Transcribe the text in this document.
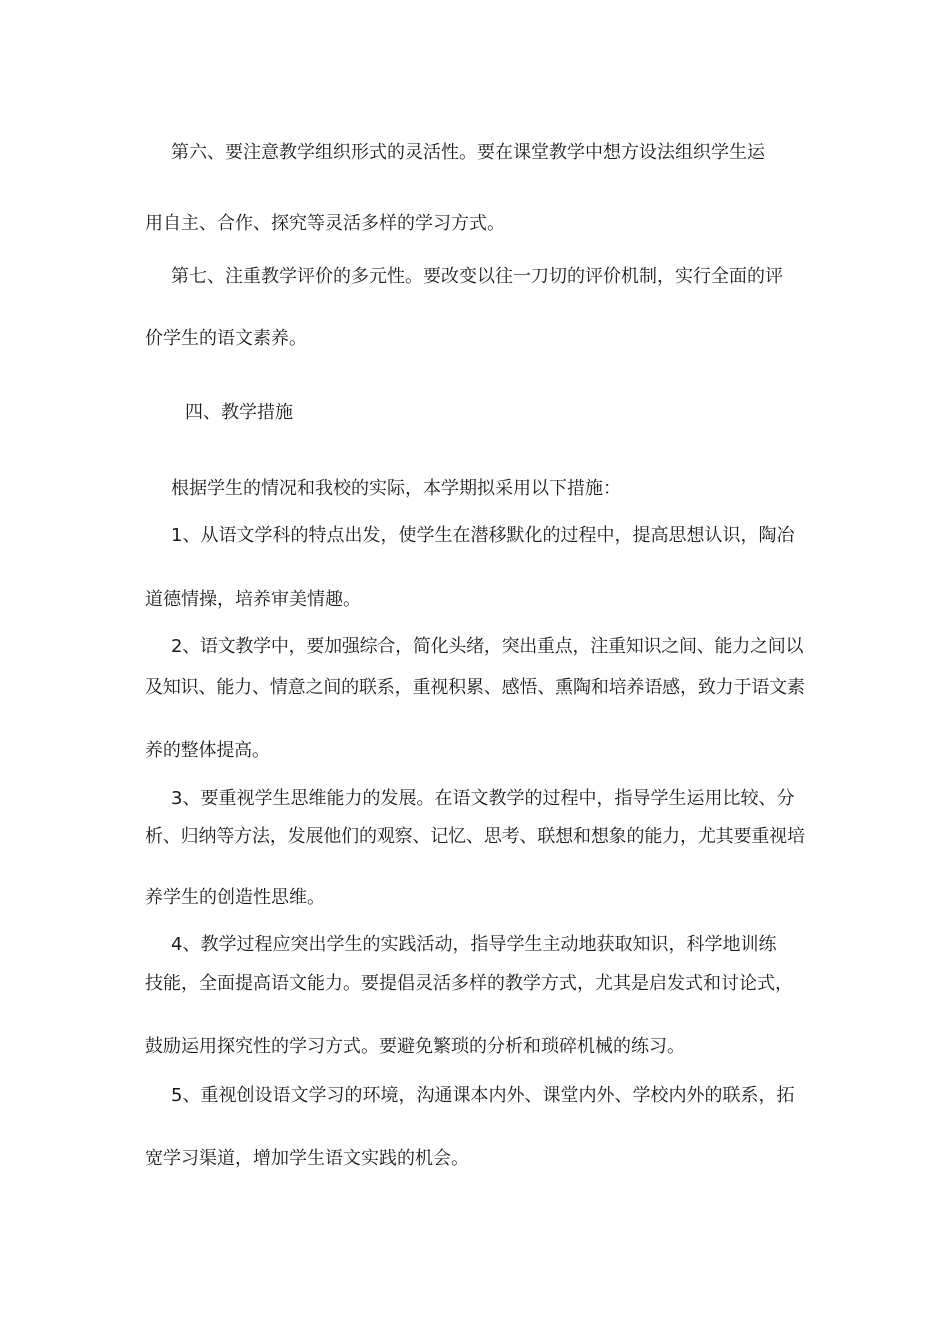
第六、要注意教学组织形式的灵活性。要在课堂教学中想方设法组织学生运
用自主、合作、探究等灵活多样的学习方式。
第七、注重教学评价的多元性。要改变以往一刀切的评价机制，实行全面的评
价学生的语文素养。
四、教学措施
根据学生的情况和我校的实际，本学期拟采用以下措施：
1、从语文学科的特点出发，使学生在潜移默化的过程中，提高思想认识，陶冶
道德情操，培养审美情趣。
2、语文教学中，要加强综合，简化头绪，突出重点，注重知识之间、能力之间以
及知识、能力、情意之间的联系，重视积累、感悟、熏陶和培养语感，致力于语文素
养的整体提高。
3、要重视学生思维能力的发展。在语文教学的过程中，指导学生运用比较、分
析、归纳等方法，发展他们的观察、记忆、思考、联想和想象的能力，尤其要重视培
养学生的创造性思维。
4、教学过程应突出学生的实践活动，指导学生主动地获取知识，科学地训练
技能，全面提高语文能力。要提倡灵活多样的教学方式，尤其是启发式和讨论式，
鼓励运用探究性的学习方式。要避免繁琐的分析和琐碎机械的练习。
5、重视创设语文学习的环境，沟通课本内外、课堂内外、学校内外的联系，拓
宽学习渠道，增加学生语文实践的机会。
